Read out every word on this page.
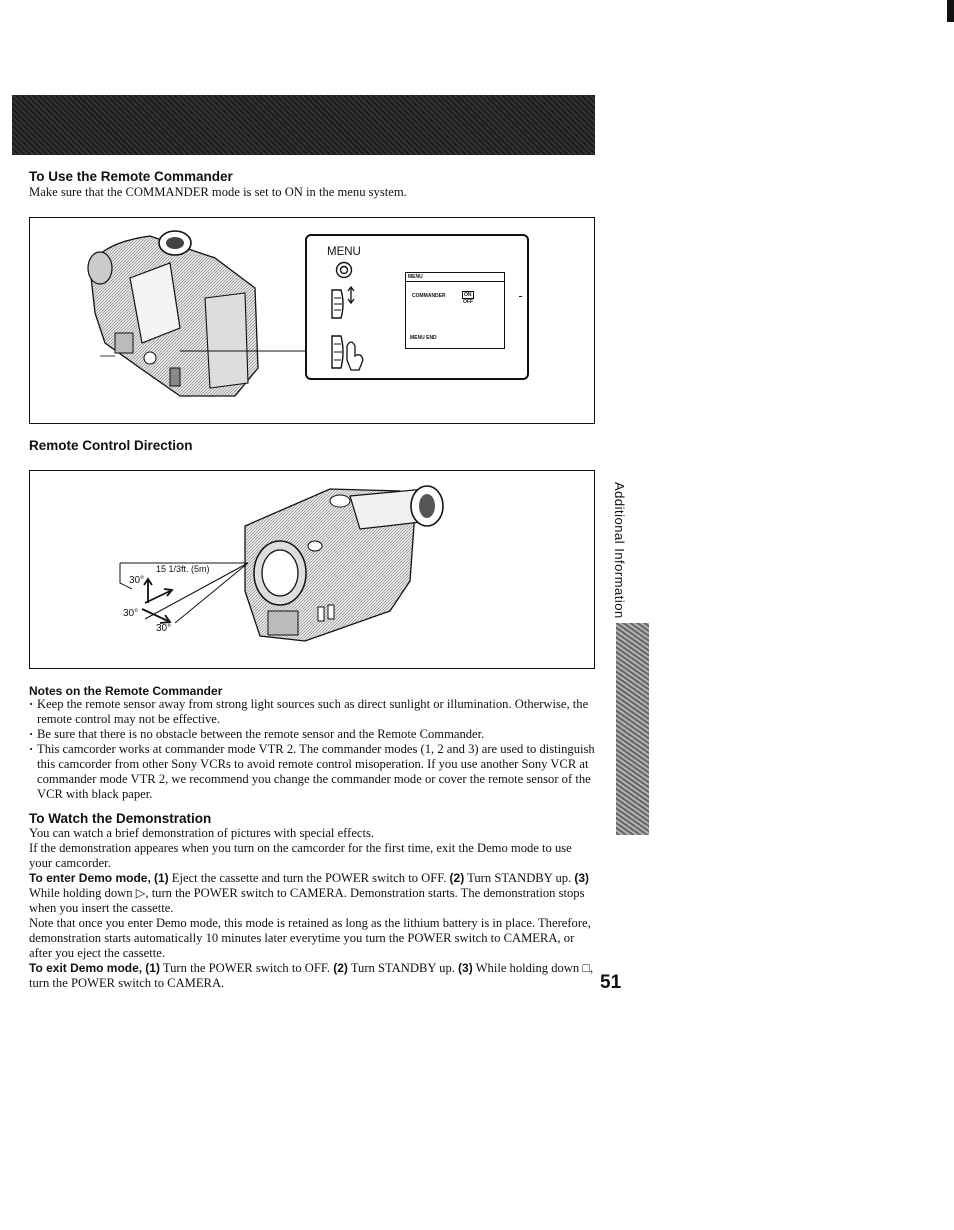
To Use the Remote Commander
Make sure that the COMMANDER mode is set to ON in the menu system.
MENU
MENU
COMMANDER	ON
OFF
MENU END
Remote Control Direction
15 1/3ft. (5m)
30°
30°
30°
Notes on the Remote Commander
· Keep the remote sensor away from strong light sources such as direct sunlight or illumination. Otherwise, the remote control may not be effective.
· Be sure that there is no obstacle between the remote sensor and the Remote Commander.
· This camcorder works at commander mode VTR 2. The commander modes (1, 2 and 3) are used to distinguish this camcorder from other Sony VCRs to avoid remote control misoperation. If you use another Sony VCR at commander mode VTR 2, we recommend you change the commander mode or cover the remote sensor of the VCR with black paper.
To Watch the Demonstration
You can watch a brief demonstration of pictures with special effects.
If the demonstration appeares when you turn on the camcorder for the first time, exit the Demo mode to use your camcorder.
To enter Demo mode, (1) Eject the cassette and turn the POWER switch to OFF. (2) Turn STANDBY up. (3) While holding down ▷, turn the POWER switch to CAMERA. Demonstration starts. The demonstration stops when you insert the cassette.
Note that once you enter Demo mode, this mode is retained as long as the lithium battery is in place. Therefore, demonstration starts automatically 10 minutes later everytime you turn the POWER switch to CAMERA, or after you eject the cassette.
To exit Demo mode, (1) Turn the POWER switch to OFF. (2) Turn STANDBY up. (3) While holding down □, turn the POWER switch to CAMERA.
Additional Information
51
